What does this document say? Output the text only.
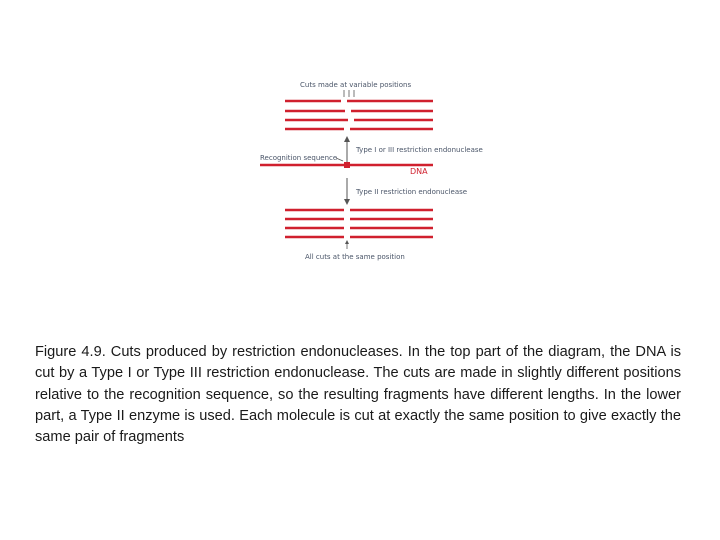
Cuts made at variable positions
Type I or III restriction endonuclease
Recognition sequence
DNA
Type II restriction endonuclease
All cuts at the same position

Figure 4.9. Cuts produced by restriction endonucleases. In the top part of the diagram, the DNA is cut by a Type I or Type III restriction endonuclease. The cuts are made in slightly different positions relative to the recognition sequence, so the resulting fragments have different lengths. In the lower part, a Type II enzyme is used. Each molecule is cut at exactly the same position to give exactly the same pair of fragments
